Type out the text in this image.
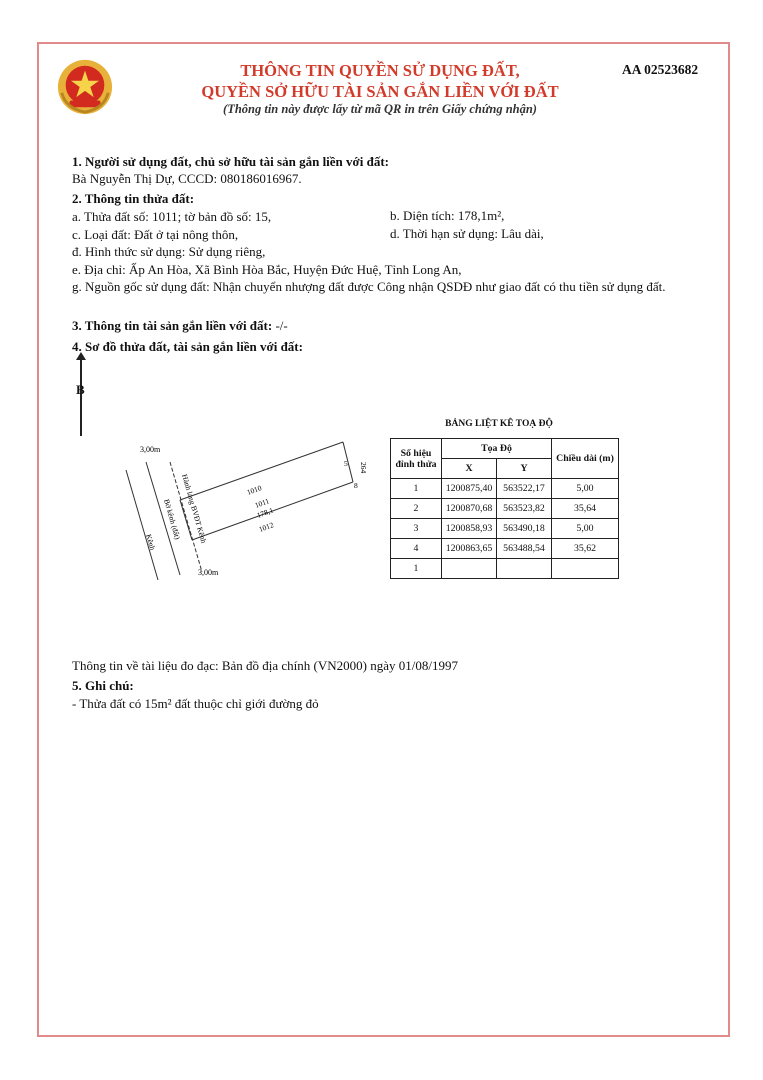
THÔNG TIN QUYỀN SỬ DỤNG ĐẤT,
QUYỀN SỞ HỮU TÀI SẢN GẮN LIỀN VỚI ĐẤT
(Thông tin này được lấy từ mã QR in trên Giấy chứng nhận)
AA 02523682
1. Người sử dụng đất, chủ sở hữu tài sản gắn liền với đất:
Bà Nguyễn Thị Dự, CCCD: 080186016967.
2. Thông tin thửa đất:
a. Thửa đất số: 1011; tờ bản đồ số: 15,	b. Diện tích: 178,1m²,
c. Loại đất: Đất ở tại nông thôn,	d. Thời hạn sử dụng: Lâu dài,
đ. Hình thức sử dụng: Sử dụng riêng,
e. Địa chỉ: Ấp An Hòa, Xã Bình Hòa Bắc, Huyện Đức Huệ, Tỉnh Long An,
g. Nguồn gốc sử dụng đất: Nhận chuyển nhượng đất được Công nhận QSDĐ như giao đất có thu tiền sử dụng đất.
3. Thông tin tài sản gắn liền với đất: -/-
4. Sơ đồ thửa đất, tài sản gắn liền với đất:
B
3,00m
3,00m
Hành lang BVĐT Kênh
Bờ kênh (đất)
Kênh
1010
1011
178,1
1012
264
5
8
BẢNG LIỆT KÊ TOẠ ĐỘ
Số hiệu đỉnh thửa	Tọa Độ		Chiều dài (m)
	X	Y	
1	1200875,40	563522,17	5,00
2	1200870,68	563523,82	35,64
3	1200858,93	563490,18	5,00
4	1200863,65	563488,54	35,62
1			
Thông tin về tài liệu đo đạc: Bản đồ địa chính (VN2000) ngày 01/08/1997
5. Ghi chú:
- Thửa đất có 15m² đất thuộc chỉ giới đường đỏ
